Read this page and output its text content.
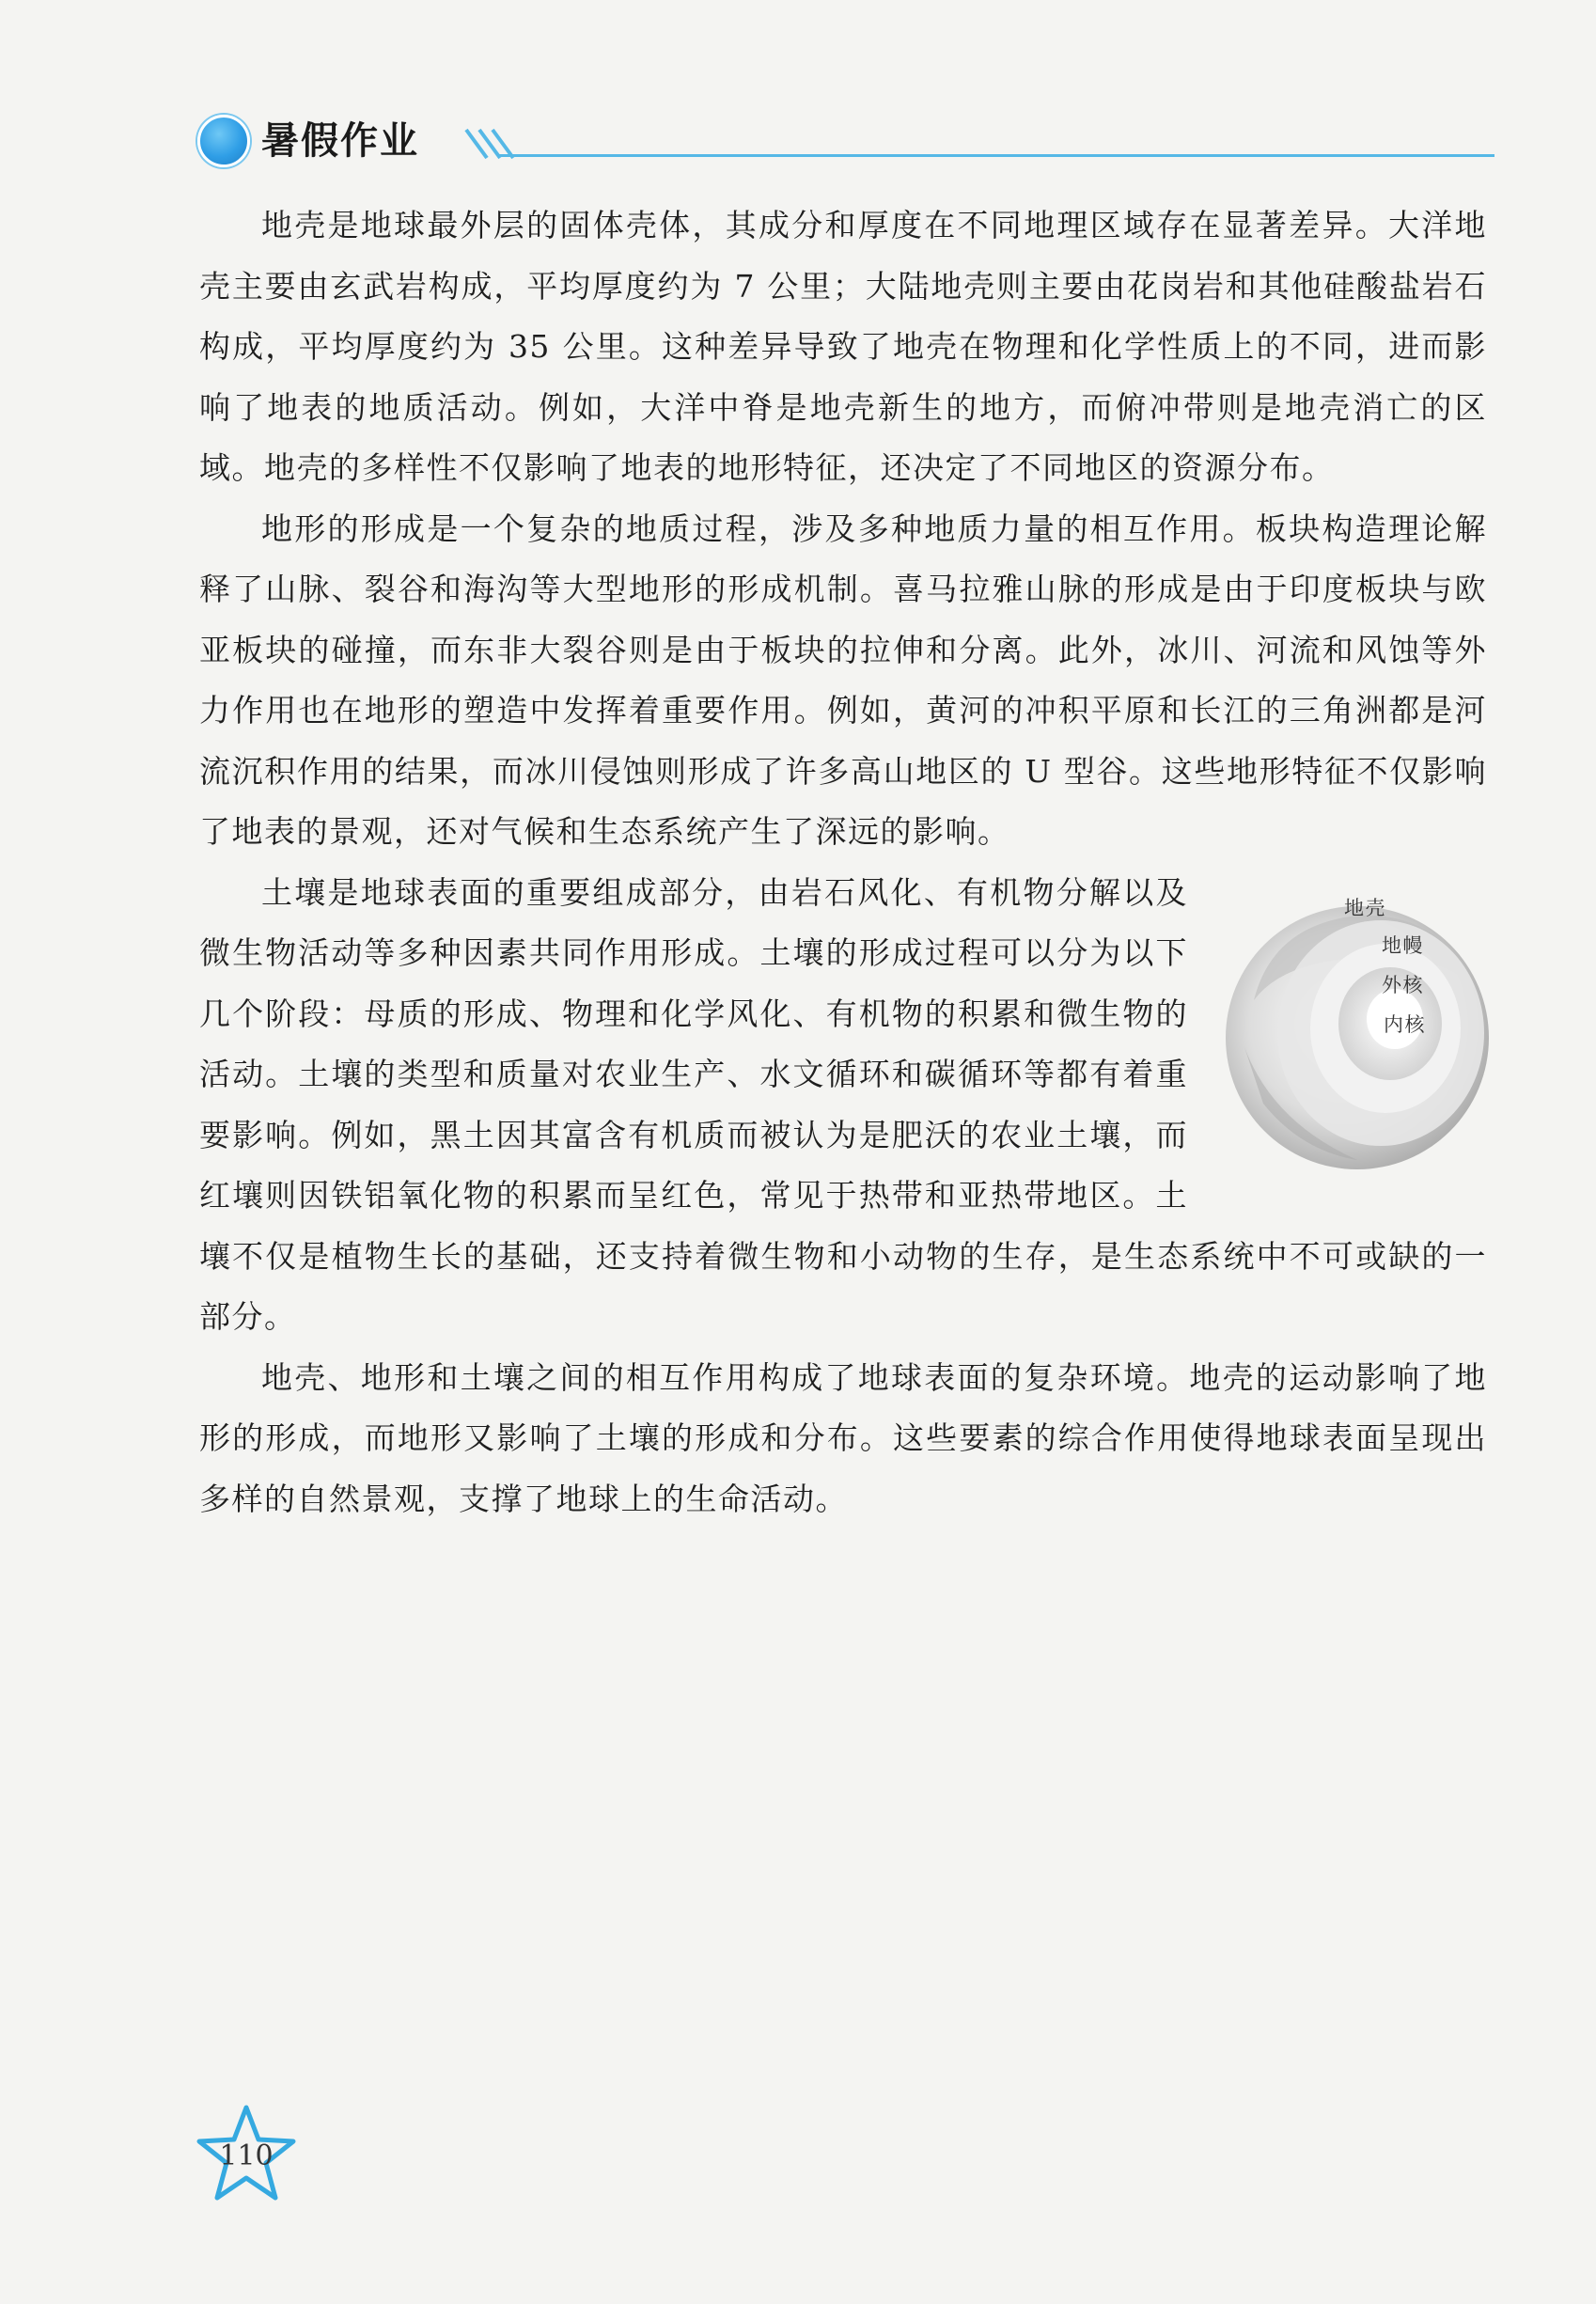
暑假作业

地壳是地球最外层的固体壳体，其成分和厚度在不同地理区域存在显著差异。大洋地壳主要由玄武岩构成，平均厚度约为 7 公里；大陆地壳则主要由花岗岩和其他硅酸盐岩石构成，平均厚度约为 35 公里。这种差异导致了地壳在物理和化学性质上的不同，进而影响了地表的地质活动。例如，大洋中脊是地壳新生的地方，而俯冲带则是地壳消亡的区域。地壳的多样性不仅影响了地表的地形特征，还决定了不同地区的资源分布。

地形的形成是一个复杂的地质过程，涉及多种地质力量的相互作用。板块构造理论解释了山脉、裂谷和海沟等大型地形的形成机制。喜马拉雅山脉的形成是由于印度板块与欧亚板块的碰撞，而东非大裂谷则是由于板块的拉伸和分离。此外，冰川、河流和风蚀等外力作用也在地形的塑造中发挥着重要作用。例如，黄河的冲积平原和长江的三角洲都是河流沉积作用的结果，而冰川侵蚀则形成了许多高山地区的 U 型谷。这些地形特征不仅影响了地表的景观，还对气候和生态系统产生了深远的影响。

地壳
地幔
外核
内核
土壤是地球表面的重要组成部分，由岩石风化、有机物分解以及微生物活动等多种因素共同作用形成。土壤的形成过程可以分为以下几个阶段：母质的形成、物理和化学风化、有机物的积累和微生物的活动。土壤的类型和质量对农业生产、水文循环和碳循环等都有着重要影响。例如，黑土因其富含有机质而被认为是肥沃的农业土壤，而红壤则因铁铝氧化物的积累而呈红色，常见于热带和亚热带地区。土壤不仅是植物生长的基础，还支持着微生物和小动物的生存，是生态系统中不可或缺的一部分。

地壳、地形和土壤之间的相互作用构成了地球表面的复杂环境。地壳的运动影响了地形的形成，而地形又影响了土壤的形成和分布。这些要素的综合作用使得地球表面呈现出多样的自然景观，支撑了地球上的生命活动。

110
